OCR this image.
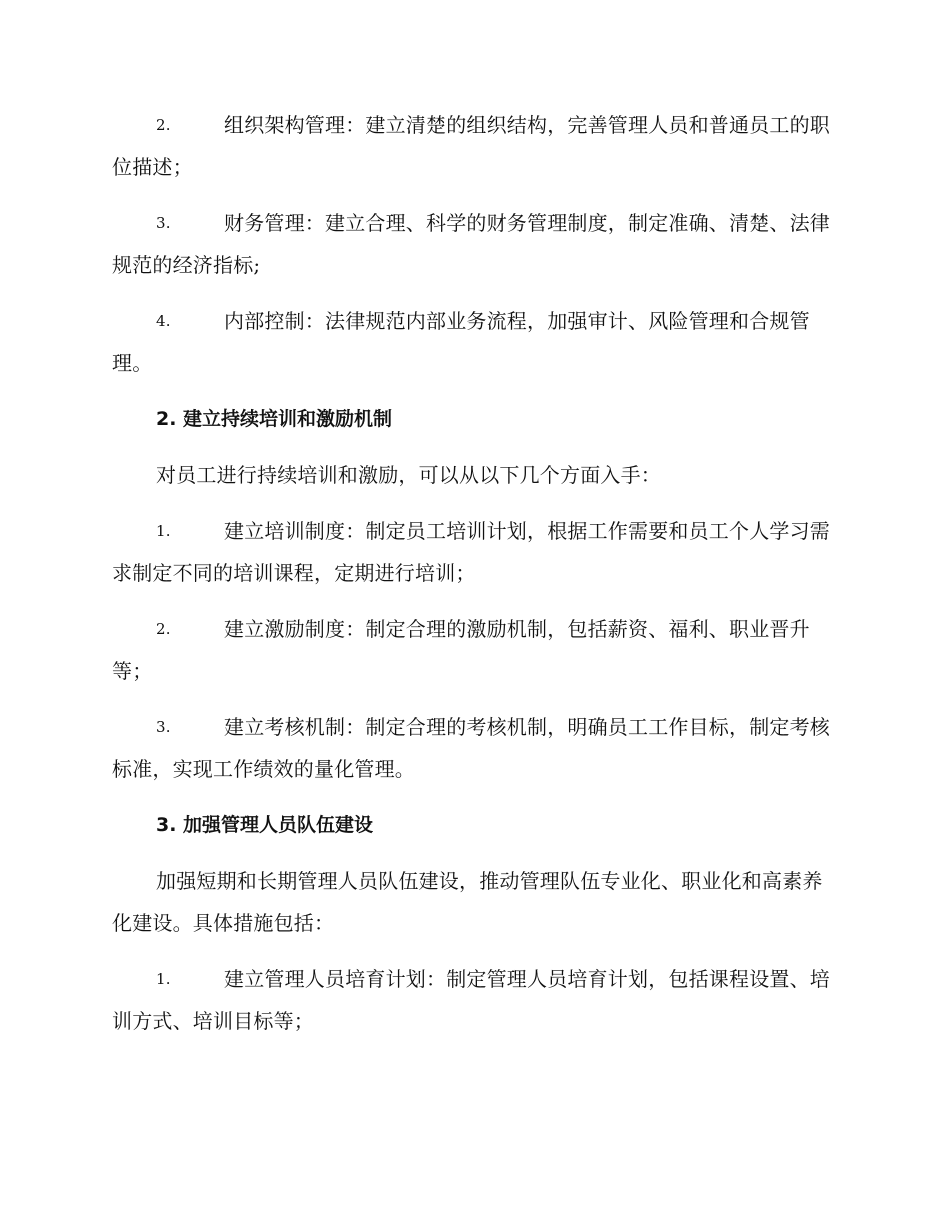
2.	组织架构管理：建立清楚的组织结构，完善管理人员和普通员工的职位描述；
3.	财务管理：建立合理、科学的财务管理制度，制定准确、清楚、法律规范的经济指标;
4.	内部控制：法律规范内部业务流程，加强审计、风险管理和合规管理。
2. 建立持续培训和激励机制
对员工进行持续培训和激励，可以从以下几个方面入手：
1.	建立培训制度：制定员工培训计划，根据工作需要和员工个人学习需求制定不同的培训课程，定期进行培训；
2.	建立激励制度：制定合理的激励机制，包括薪资、福利、职业晋升等；
3.	建立考核机制：制定合理的考核机制，明确员工工作目标，制定考核标准，实现工作绩效的量化管理。
3. 加强管理人员队伍建设
加强短期和长期管理人员队伍建设，推动管理队伍专业化、职业化和高素养化建设。具体措施包括：
1.	建立管理人员培育计划：制定管理人员培育计划，包括课程设置、培训方式、培训目标等；
